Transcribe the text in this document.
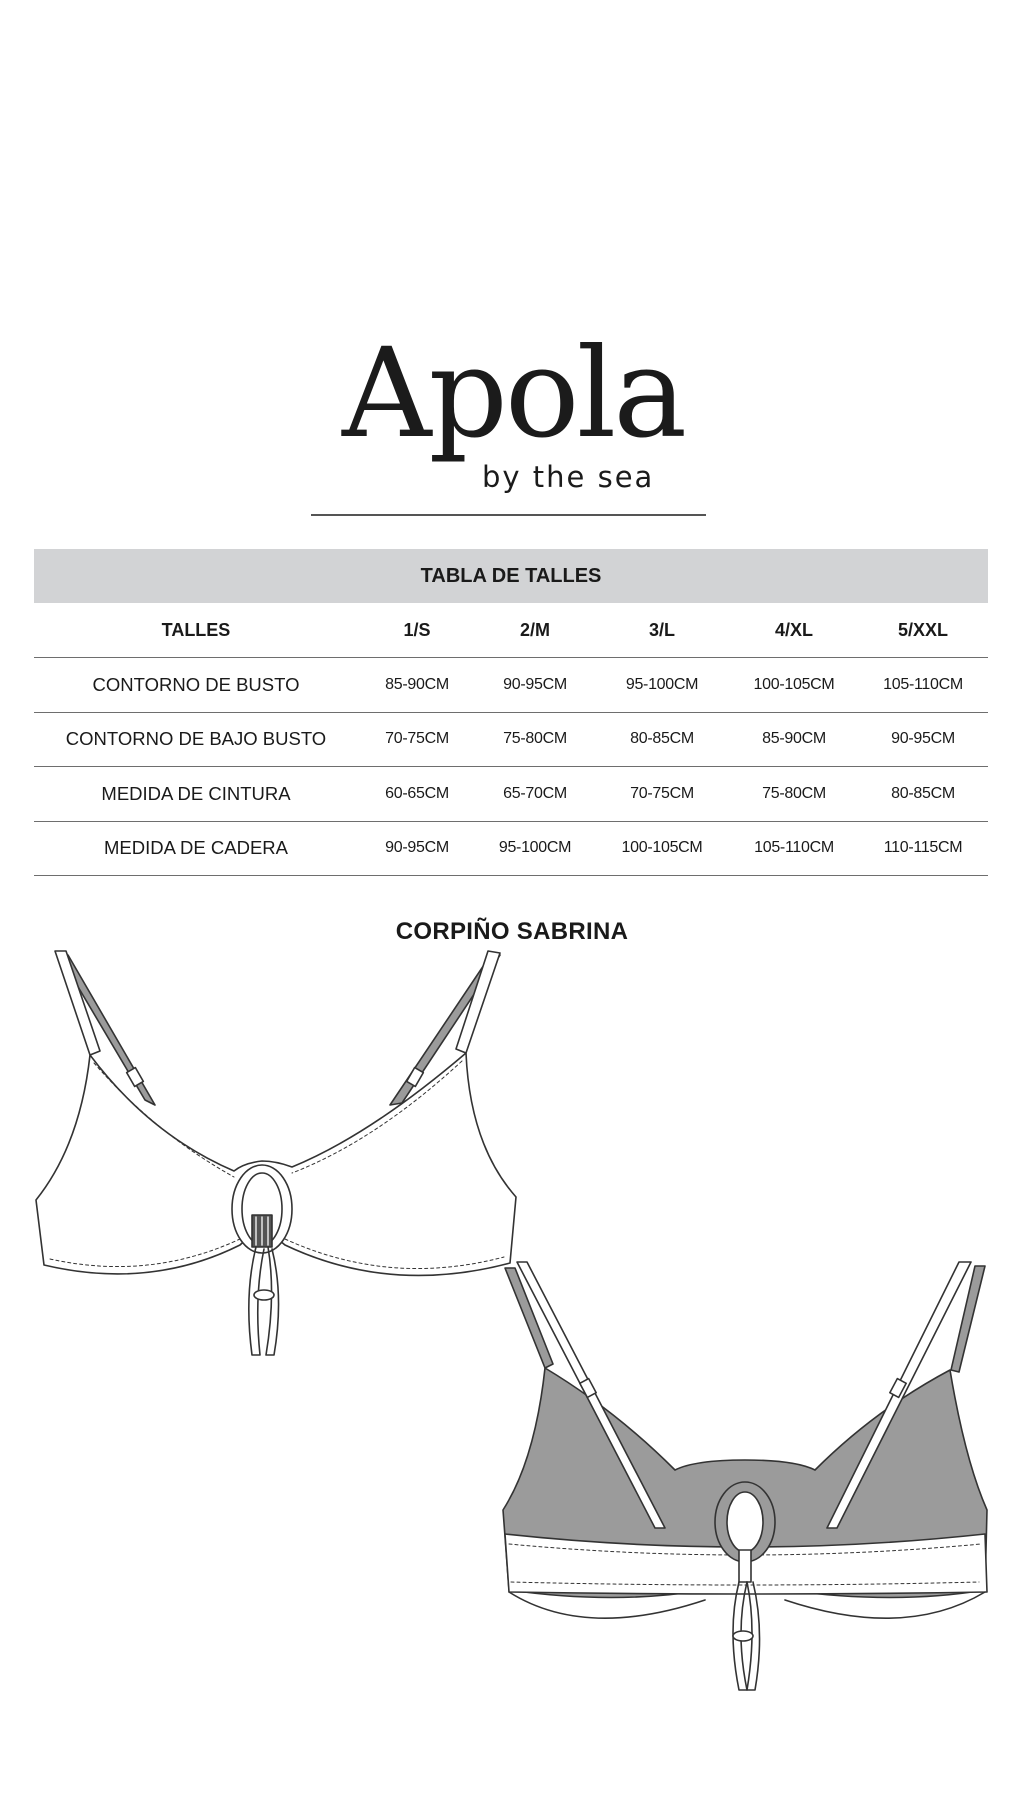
Apola
by the sea
TABLA DE TALLES					
TALLES	1/S	2/M	3/L	4/XL	5/XXL
CONTORNO DE BUSTO	85-90CM	90-95CM	95-100CM	100-105CM	105-110CM
CONTORNO DE BAJO BUSTO	70-75CM	75-80CM	80-85CM	85-90CM	90-95CM
MEDIDA DE CINTURA	60-65CM	65-70CM	70-75CM	75-80CM	80-85CM
MEDIDA DE CADERA	90-95CM	95-100CM	100-105CM	105-110CM	110-115CM
CORPIÑO SABRINA
